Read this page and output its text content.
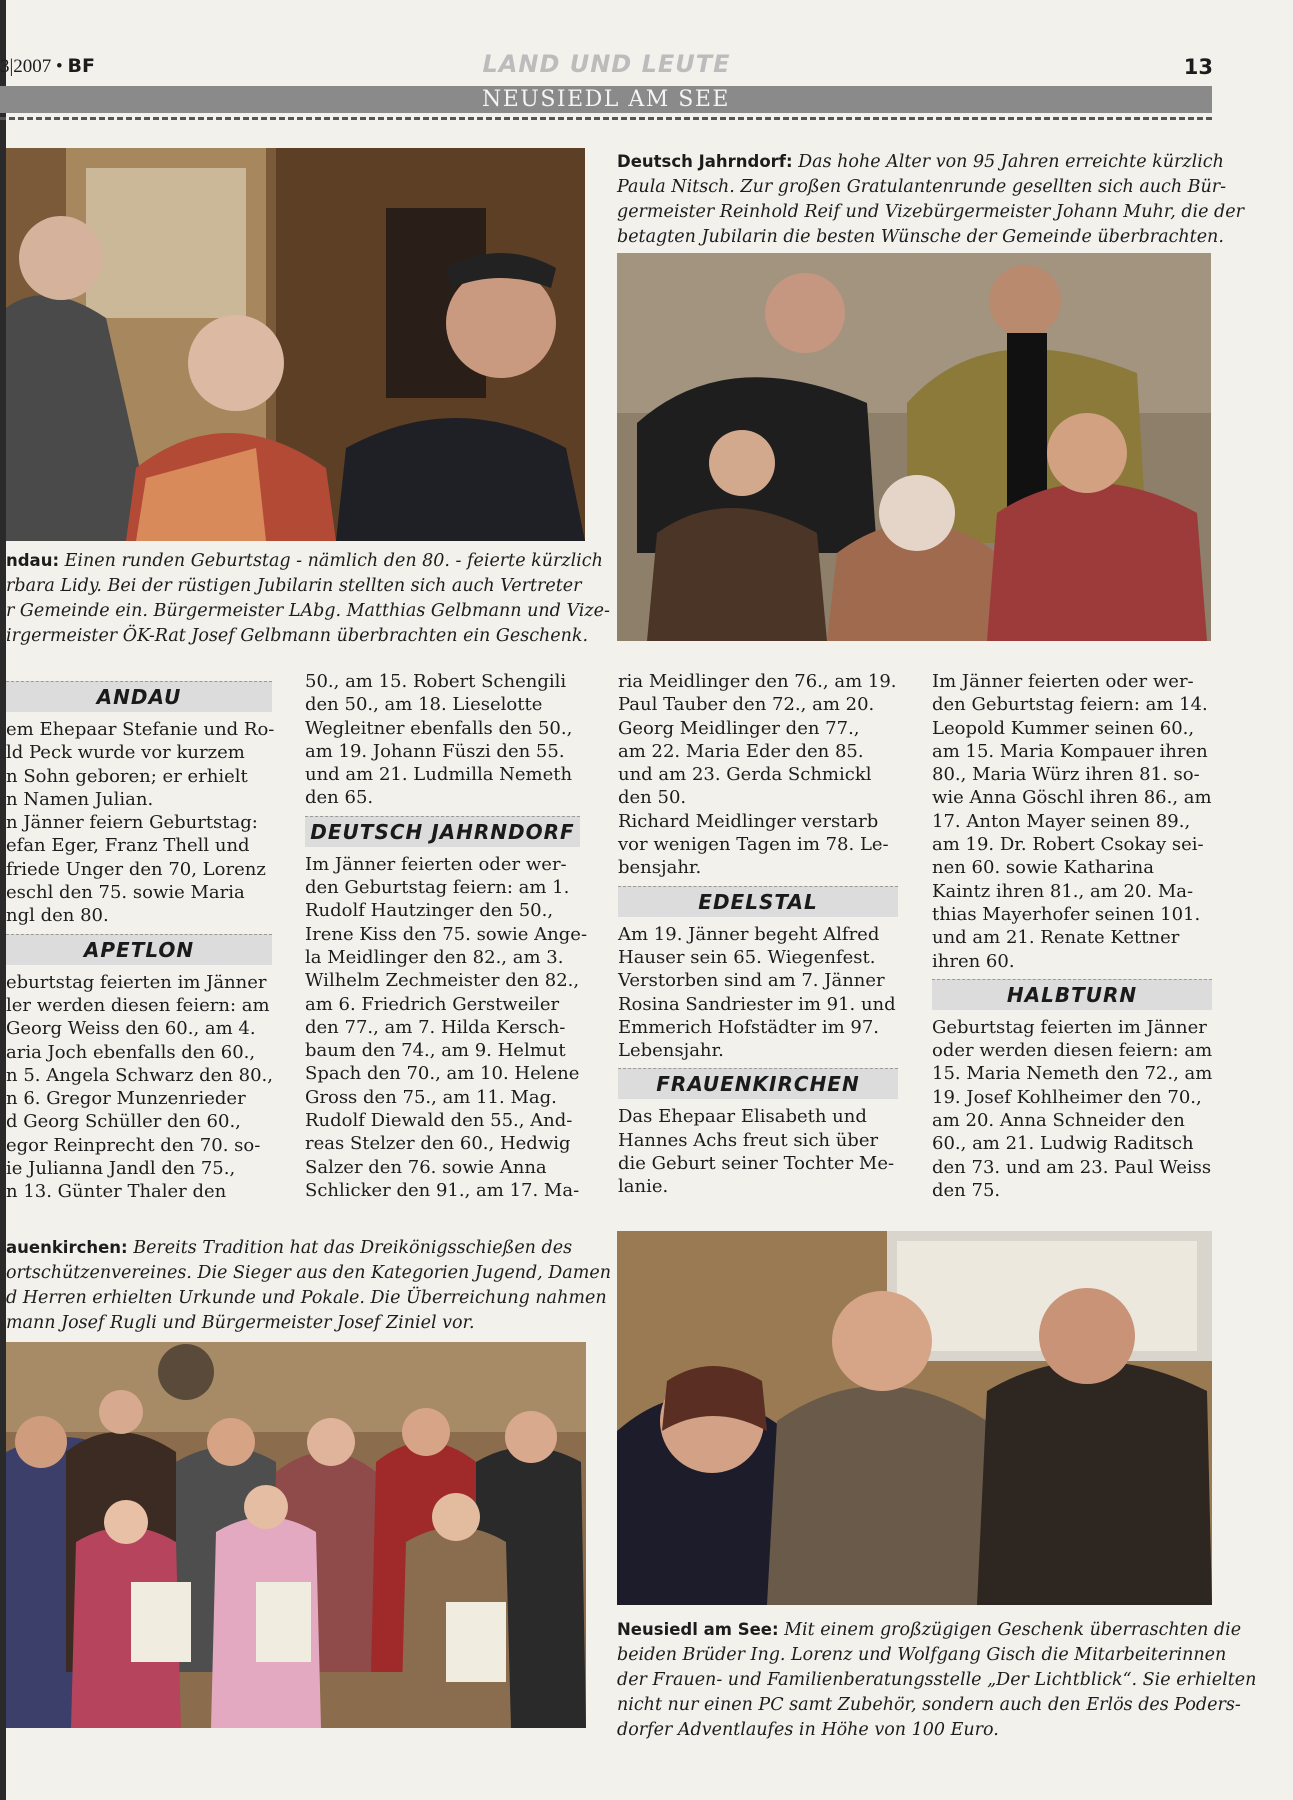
3|2007 • BF	LAND UND LEUTE	13
NEUSIEDL AM SEE

ndau: Einen runden Geburtstag - nämlich den 80. - feierte kürzlich

rbara Lidy. Bei der rüstigen Jubilarin stellten sich auch Vertreter

r Gemeinde ein. Bürgermeister LAbg. Matthias Gelbmann und Vize-

irgermeister ÖK-Rat Josef Gelbmann überbrachten ein Geschenk.

Deutsch Jahrndorf: Das hohe Alter von 95 Jahren erreichte kürzlich

Paula Nitsch. Zur großen Gratulantenrunde gesellten sich auch Bür-

germeister Reinhold Reif und Vizebürgermeister Johann Muhr, die der

betagten Jubilarin die besten Wünsche der Gemeinde überbrachten.

ANDAU

em Ehepaar Stefanie und Ro-

ld Peck wurde vor kurzem

n Sohn geboren; er erhielt

n Namen Julian.

n Jänner feiern Geburtstag:

efan Eger, Franz Thell und

friede Unger den 70, Lorenz

eschl den 75. sowie Maria

ngl den 80.

APETLON

eburtstag feierten im Jänner

ler werden diesen feiern: am

Georg Weiss den 60., am 4.

aria Joch ebenfalls den 60.,

n 5. Angela Schwarz den 80.,

n 6. Gregor Munzenrieder

d Georg Schüller den 60.,

egor Reinprecht den 70. so-

ie Julianna Jandl den 75.,

n 13. Günter Thaler den

50., am 15. Robert Schengili

den 50., am 18. Lieselotte

Wegleitner ebenfalls den 50.,

am 19. Johann Füszi den 55.

und am 21. Ludmilla Nemeth

den 65.

DEUTSCH JAHRNDORF

Im Jänner feierten oder wer-

den Geburtstag feiern: am 1.

Rudolf Hautzinger den 50.,

Irene Kiss den 75. sowie Ange-

la Meidlinger den 82., am 3.

Wilhelm Zechmeister den 82.,

am 6. Friedrich Gerstweiler

den 77., am 7. Hilda Kersch-

baum den 74., am 9. Helmut

Spach den 70., am 10. Helene

Gross den 75., am 11. Mag.

Rudolf Diewald den 55., And-

reas Stelzer den 60., Hedwig

Salzer den 76. sowie Anna

Schlicker den 91., am 17. Ma-

ria Meidlinger den 76., am 19.

Paul Tauber den 72., am 20.

Georg Meidlinger den 77.,

am 22. Maria Eder den 85.

und am 23. Gerda Schmickl

den 50.

Richard Meidlinger verstarb

vor wenigen Tagen im 78. Le-

bensjahr.

EDELSTAL

Am 19. Jänner begeht Alfred

Hauser sein 65. Wiegenfest.

Verstorben sind am 7. Jänner

Rosina Sandriester im 91. und

Emmerich Hofstädter im 97.

Lebensjahr.

FRAUENKIRCHEN

Das Ehepaar Elisabeth und

Hannes Achs freut sich über

die Geburt seiner Tochter Me-

lanie.

Im Jänner feierten oder wer-

den Geburtstag feiern: am 14.

Leopold Kummer seinen 60.,

am 15. Maria Kompauer ihren

80., Maria Würz ihren 81. so-

wie Anna Göschl ihren 86., am

17. Anton Mayer seinen 89.,

am 19. Dr. Robert Csokay sei-

nen 60. sowie Katharina

Kaintz ihren 81., am 20. Ma-

thias Mayerhofer seinen 101.

und am 21. Renate Kettner

ihren 60.

HALBTURN

Geburtstag feierten im Jänner

oder werden diesen feiern: am

15. Maria Nemeth den 72., am

19. Josef Kohlheimer den 70.,

am 20. Anna Schneider den

60., am 21. Ludwig Raditsch

den 73. und am 23. Paul Weiss

den 75.

auenkirchen: Bereits Tradition hat das Dreikönigsschießen des

ortschützenvereines. Die Sieger aus den Kategorien Jugend, Damen

d Herren erhielten Urkunde und Pokale. Die Überreichung nahmen

mann Josef Rugli und Bürgermeister Josef Ziniel vor.

Neusiedl am See: Mit einem großzügigen Geschenk überraschten die

beiden Brüder Ing. Lorenz und Wolfgang Gisch die Mitarbeiterinnen

der Frauen- und Familienberatungsstelle „Der Lichtblick“. Sie erhielten

nicht nur einen PC samt Zubehör, sondern auch den Erlös des Poders-

dorfer Adventlaufes in Höhe von 100 Euro.
